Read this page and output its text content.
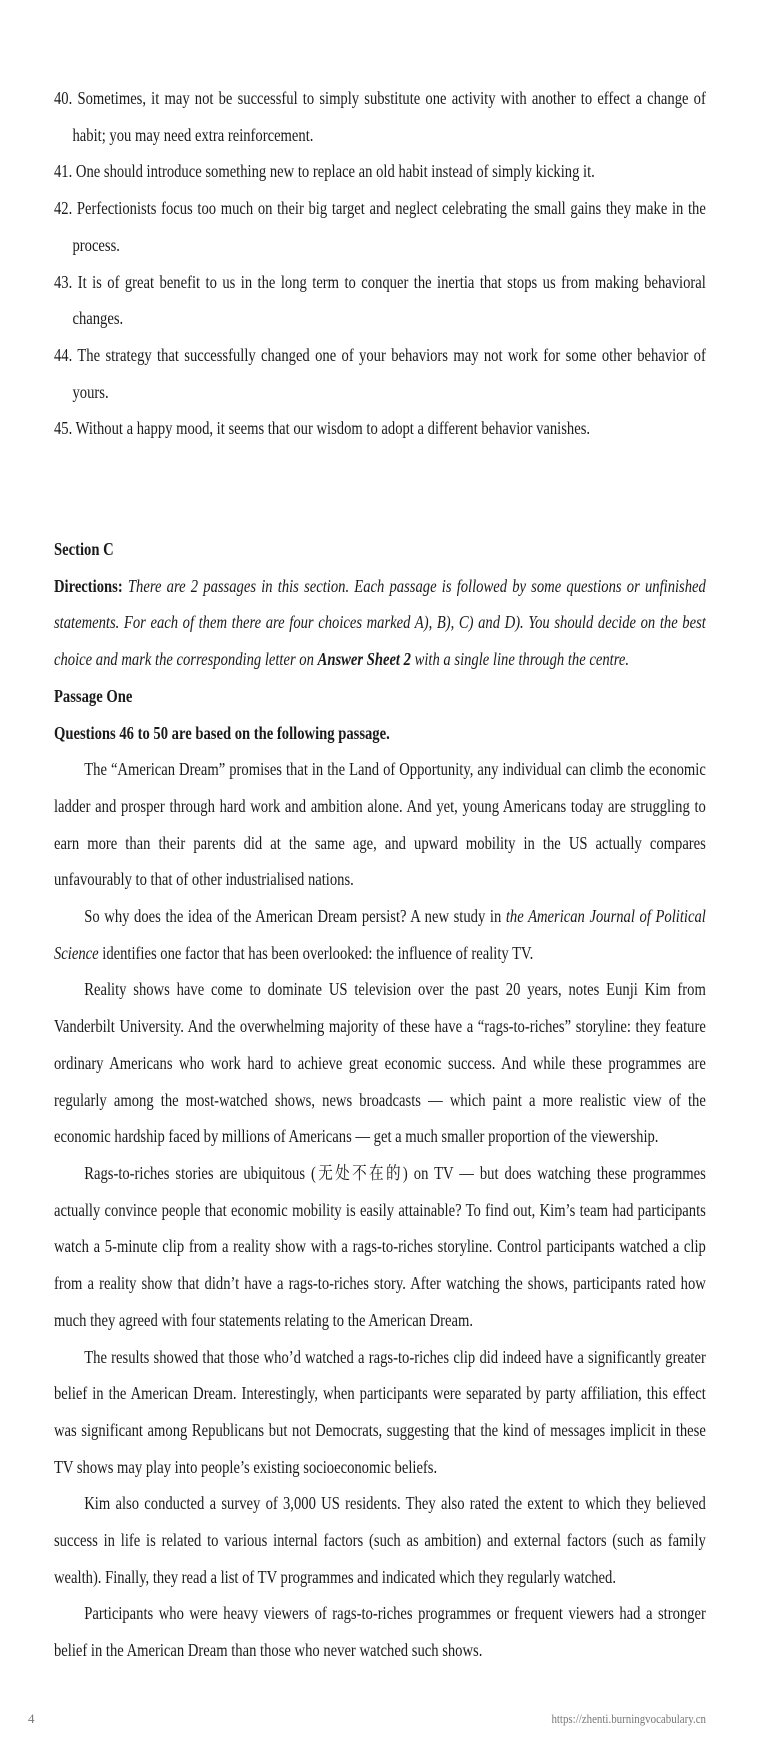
40. Sometimes, it may not be successful to simply substitute one activity with another to effect a change of habit; you may need extra reinforcement.
41. One should introduce something new to replace an old habit instead of simply kicking it.
42. Perfectionists focus too much on their big target and neglect celebrating the small gains they make in the process.
43. It is of great benefit to us in the long term to conquer the inertia that stops us from making behavioral changes.
44. The strategy that successfully changed one of your behaviors may not work for some other behavior of yours.
45. Without a happy mood, it seems that our wisdom to adopt a different behavior vanishes.
Section C
Directions: There are 2 passages in this section. Each passage is followed by some questions or unfinished statements. For each of them there are four choices marked A), B), C) and D). You should decide on the best choice and mark the corresponding letter on Answer Sheet 2 with a single line through the centre.
Passage One
Questions 46 to 50 are based on the following passage.
The “American Dream” promises that in the Land of Opportunity, any individual can climb the economic ladder and prosper through hard work and ambition alone. And yet, young Americans today are struggling to earn more than their parents did at the same age, and upward mobility in the US actually compares unfavourably to that of other industrialised nations.
So why does the idea of the American Dream persist? A new study in the American Journal of Political Science identifies one factor that has been overlooked: the influence of reality TV.
Reality shows have come to dominate US television over the past 20 years, notes Eunji Kim from Vanderbilt University. And the overwhelming majority of these have a “rags-to-riches” storyline: they feature ordinary Americans who work hard to achieve great economic success. And while these programmes are regularly among the most-watched shows, news broadcasts — which paint a more realistic view of the economic hardship faced by millions of Americans — get a much smaller proportion of the viewership.
Rags-to-riches stories are ubiquitous (无处不在的) on TV — but does watching these programmes actually convince people that economic mobility is easily attainable? To find out, Kim’s team had participants watch a 5-minute clip from a reality show with a rags-to-riches storyline. Control participants watched a clip from a reality show that didn’t have a rags-to-riches story. After watching the shows, participants rated how much they agreed with four statements relating to the American Dream.
The results showed that those who’d watched a rags-to-riches clip did indeed have a significantly greater belief in the American Dream. Interestingly, when participants were separated by party affiliation, this effect was significant among Republicans but not Democrats, suggesting that the kind of messages implicit in these TV shows may play into people’s existing socioeconomic beliefs.
Kim also conducted a survey of 3,000 US residents. They also rated the extent to which they believed success in life is related to various internal factors (such as ambition) and external factors (such as family wealth). Finally, they read a list of TV programmes and indicated which they regularly watched.
Participants who were heavy viewers of rags-to-riches programmes or frequent viewers had a stronger belief in the American Dream than those who never watched such shows.
4	https://zhenti.burningvocabulary.cn
